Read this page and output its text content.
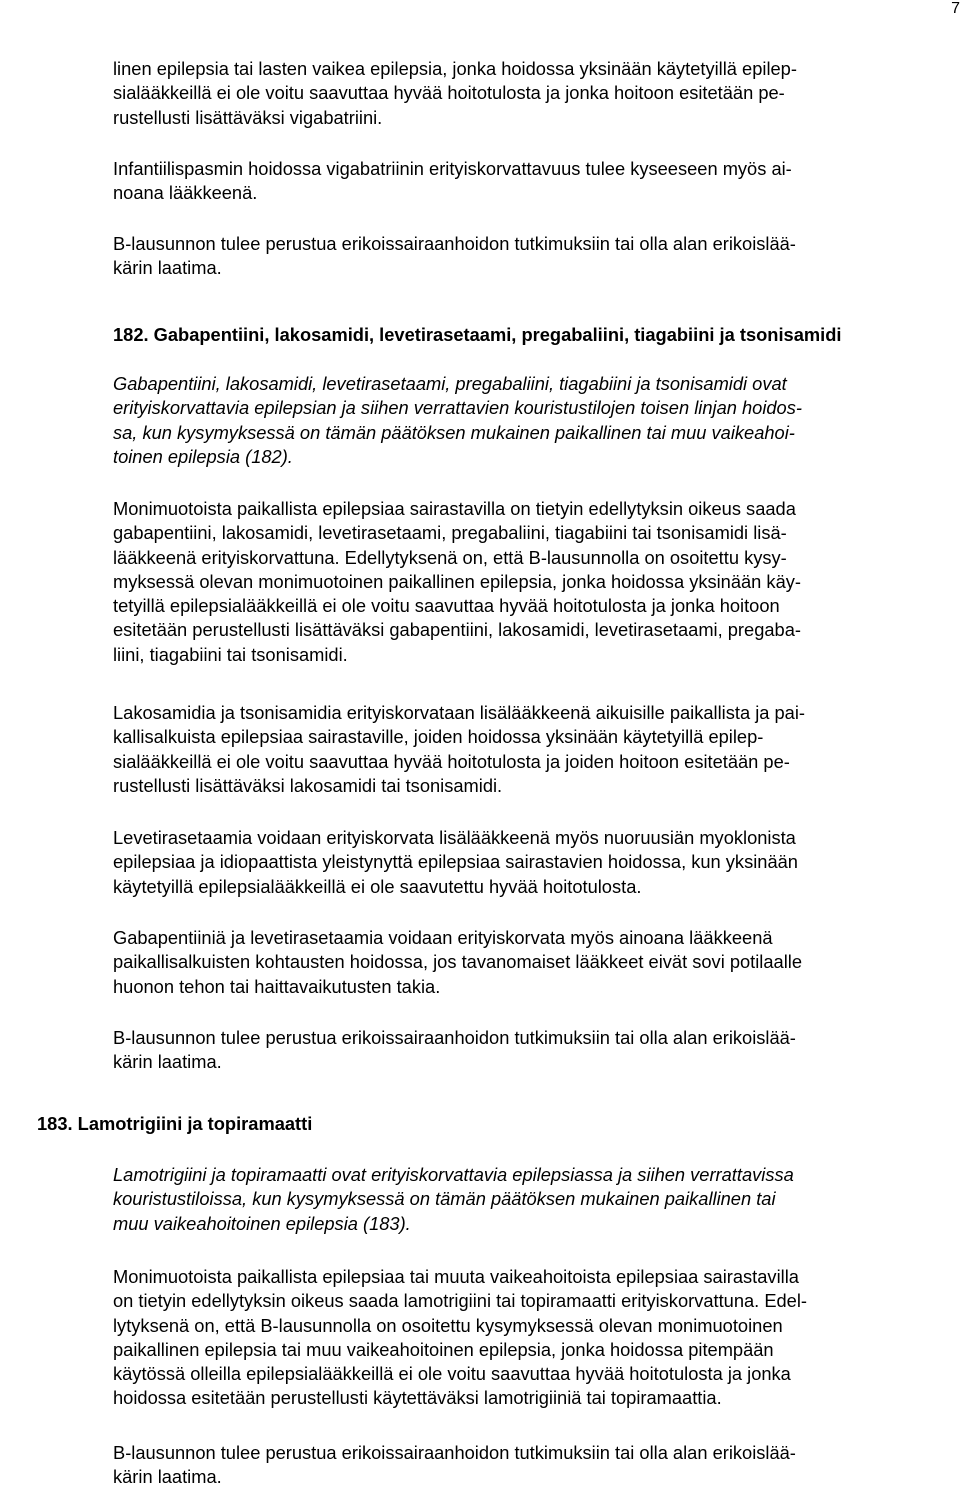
7

linen epilepsia tai lasten vaikea epilepsia, jonka hoidossa yksinään käytetyillä epilep-
sialääkkeillä ei ole voitu saavuttaa hyvää hoitotulosta ja jonka hoitoon esitetään pe-
rustellusti lisättäväksi vigabatriini.

Infantiilispasmin hoidossa vigabatriinin erityiskorvattavuus tulee kyseeseen myös ai-
noana lääkkeenä.

B-lausunnon tulee perustua erikoissairaanhoidon tutkimuksiin tai olla alan erikoislää-
kärin laatima.

182. Gabapentiini, lakosamidi, levetirasetaami, pregabaliini, tiagabiini ja tsonisamidi

Gabapentiini, lakosamidi, levetirasetaami, pregabaliini, tiagabiini ja tsonisamidi ovat
erityiskorvattavia epilepsian ja siihen verrattavien kouristustilojen toisen linjan hoidos-
sa, kun kysymyksessä on tämän päätöksen mukainen paikallinen tai muu vaikeahoi-
toinen epilepsia (182).

Monimuotoista paikallista epilepsiaa sairastavilla on tietyin edellytyksin oikeus saada
gabapentiini, lakosamidi, levetirasetaami, pregabaliini, tiagabiini tai tsonisamidi lisä-
lääkkeenä erityiskorvattuna. Edellytyksenä on, että B-lausunnolla on osoitettu kysy-
myksessä olevan monimuotoinen paikallinen epilepsia, jonka hoidossa yksinään käy-
tetyillä epilepsialääkkeillä ei ole voitu saavuttaa hyvää hoitotulosta ja jonka hoitoon
esitetään perustellusti lisättäväksi gabapentiini, lakosamidi, levetirasetaami, pregaba-
liini, tiagabiini tai tsonisamidi.

Lakosamidia ja tsonisamidia erityiskorvataan lisälääkkeenä aikuisille paikallista ja pai-
kallisalkuista epilepsiaa sairastaville, joiden hoidossa yksinään käytetyillä epilep-
sialääkkeillä ei ole voitu saavuttaa hyvää hoitotulosta ja joiden hoitoon esitetään pe-
rustellusti lisättäväksi lakosamidi tai tsonisamidi.

Levetirasetaamia voidaan erityiskorvata lisälääkkeenä myös nuoruusiän myoklonista
epilepsiaa ja idiopaattista yleistynyttä epilepsiaa sairastavien hoidossa, kun yksinään
käytetyillä epilepsialääkkeillä ei ole saavutettu hyvää hoitotulosta.

Gabapentiiniä ja levetirasetaamia voidaan erityiskorvata myös ainoana lääkkeenä
paikallisalkuisten kohtausten hoidossa, jos tavanomaiset lääkkeet eivät sovi potilaalle
huonon tehon tai haittavaikutusten takia.

B-lausunnon tulee perustua erikoissairaanhoidon tutkimuksiin tai olla alan erikoislää-
kärin laatima.

183. Lamotrigiini ja topiramaatti

Lamotrigiini ja topiramaatti ovat erityiskorvattavia epilepsiassa ja siihen verrattavissa
kouristustiloissa, kun kysymyksessä on tämän päätöksen mukainen paikallinen tai
muu vaikeahoitoinen epilepsia (183).

Monimuotoista paikallista epilepsiaa tai muuta vaikeahoitoista epilepsiaa sairastavilla
on tietyin edellytyksin oikeus saada lamotrigiini tai topiramaatti erityiskorvattuna. Edel-
lytyksenä on, että B-lausunnolla on osoitettu kysymyksessä olevan monimuotoinen
paikallinen epilepsia tai muu vaikeahoitoinen epilepsia, jonka hoidossa pitempään
käytössä olleilla epilepsialääkkeillä ei ole voitu saavuttaa hyvää hoitotulosta ja jonka
hoidossa esitetään perustellusti käytettäväksi lamotrigiiniä tai topiramaattia.

B-lausunnon tulee perustua erikoissairaanhoidon tutkimuksiin tai olla alan erikoislää-
kärin laatima.
